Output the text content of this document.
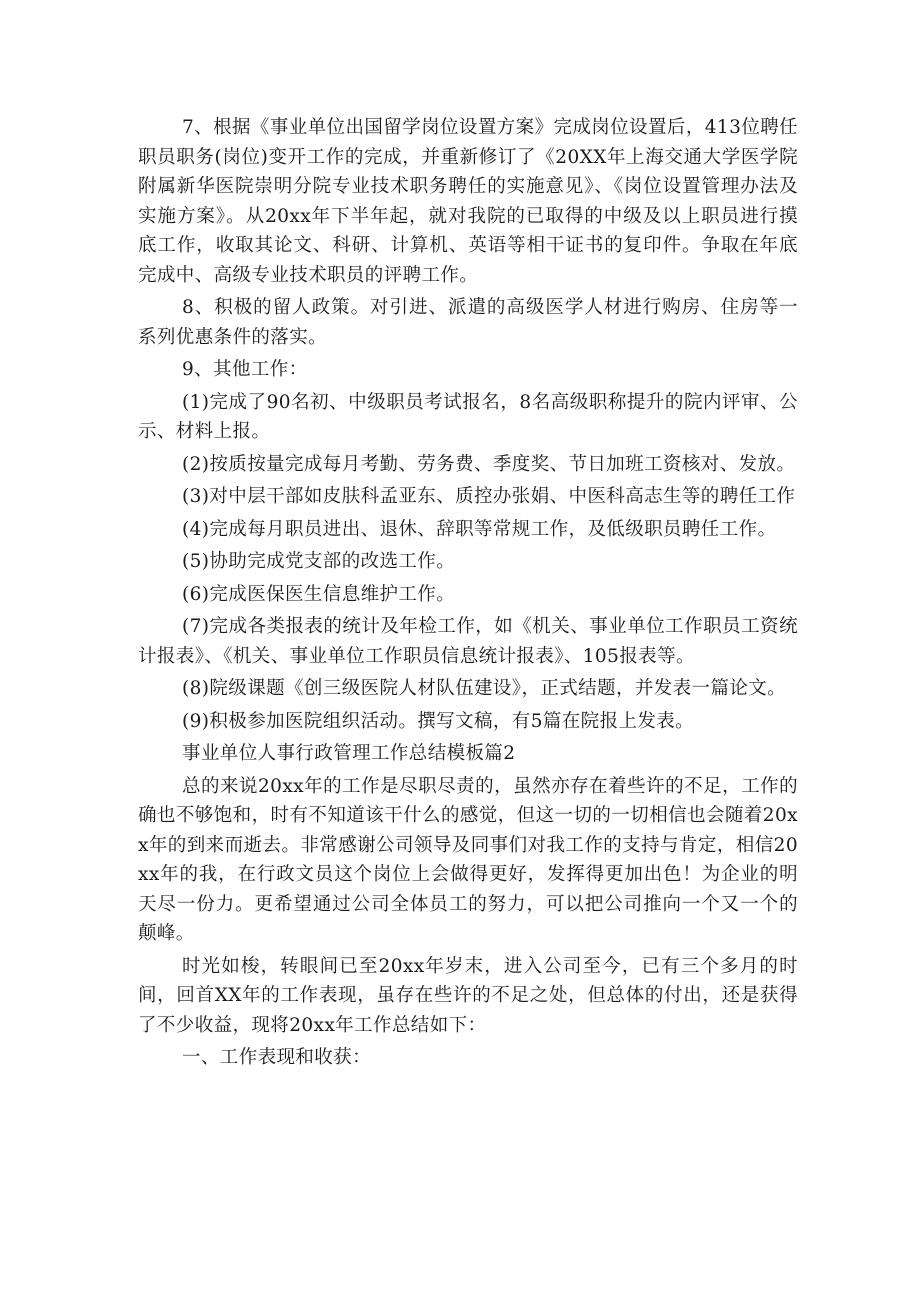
7、根据《事业单位出国留学岗位设置方案》完成岗位设置后，413位聘任职员职务(岗位)变开工作的完成，并重新修订了《20XX年上海交通大学医学院附属新华医院崇明分院专业技术职务聘任的实施意见》、《岗位设置管理办法及实施方案》。从20xx年下半年起，就对我院的已取得的中级及以上职员进行摸底工作，收取其论文、科研、计算机、英语等相干证书的复印件。争取在年底完成中、高级专业技术职员的评聘工作。

8、积极的留人政策。对引进、派遣的高级医学人材进行购房、住房等一系列优惠条件的落实。

9、其他工作：

(1)完成了90名初、中级职员考试报名，8名高级职称提升的院内评审、公示、材料上报。

(2)按质按量完成每月考勤、劳务费、季度奖、节日加班工资核对、发放。

(3)对中层干部如皮肤科孟亚东、质控办张娟、中医科高志生等的聘任工作

(4)完成每月职员进出、退休、辞职等常规工作，及低级职员聘任工作。

(5)协助完成党支部的改选工作。

(6)完成医保医生信息维护工作。

(7)完成各类报表的统计及年检工作，如《机关、事业单位工作职员工资统计报表》、《机关、事业单位工作职员信息统计报表》、105报表等。

(8)院级课题《创三级医院人材队伍建设》，正式结题，并发表一篇论文。

(9)积极参加医院组织活动。撰写文稿，有5篇在院报上发表。

事业单位人事行政管理工作总结模板篇2

总的来说20xx年的工作是尽职尽责的，虽然亦存在着些许的不足，工作的确也不够饱和，时有不知道该干什么的感觉，但这一切的一切相信也会随着20xx年的到来而逝去。非常感谢公司领导及同事们对我工作的支持与肯定，相信20xx年的我，在行政文员这个岗位上会做得更好，发挥得更加出色！为企业的明天尽一份力。更希望通过公司全体员工的努力，可以把公司推向一个又一个的颠峰。

时光如梭，转眼间已至20xx年岁末，进入公司至今，已有三个多月的时间，回首XX年的工作表现，虽存在些许的不足之处，但总体的付出，还是获得了不少收益，现将20xx年工作总结如下：

一、工作表现和收获：
